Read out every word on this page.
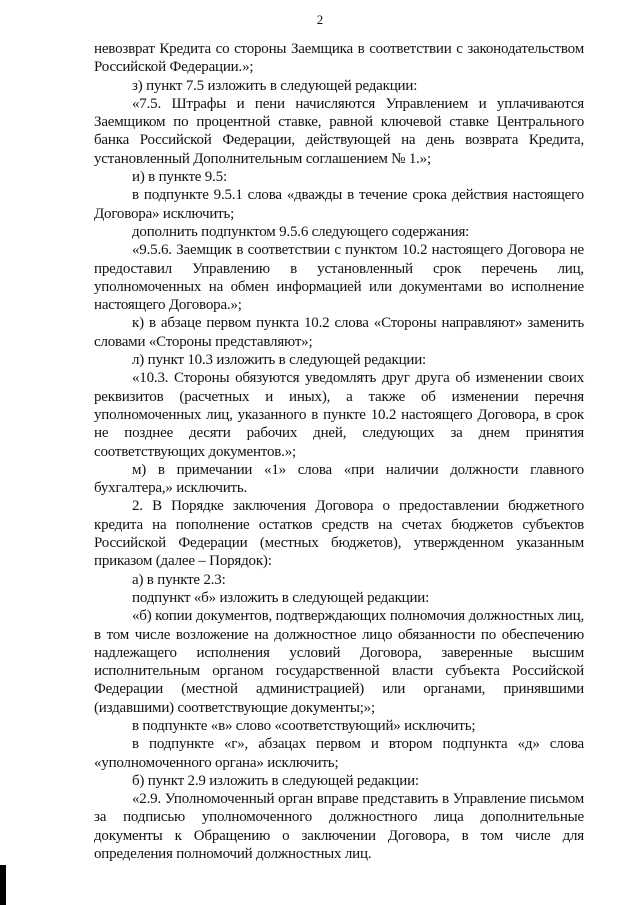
2

невозврат Кредита со стороны Заемщика в соответствии с законодательством Российской Федерации.»;

з) пункт 7.5 изложить в следующей редакции:

«7.5. Штрафы и пени начисляются Управлением и уплачиваются Заемщиком по процентной ставке, равной ключевой ставке Центрального банка Российской Федерации, действующей на день возврата Кредита, установленный Дополнительным соглашением № 1.»;

и) в пункте 9.5:

в подпункте 9.5.1 слова «дважды в течение срока действия настоящего Договора» исключить;

дополнить подпунктом 9.5.6 следующего содержания:

«9.5.6. Заемщик в соответствии с пунктом 10.2 настоящего Договора не предоставил Управлению в установленный срок перечень лиц, уполномоченных на обмен информацией или документами во исполнение настоящего Договора.»;

к) в абзаце первом пункта 10.2 слова «Стороны направляют» заменить словами «Стороны представляют»;

л) пункт 10.3 изложить в следующей редакции:

«10.3. Стороны обязуются уведомлять друг друга об изменении своих реквизитов (расчетных и иных), а также об изменении перечня уполномоченных лиц, указанного в пункте 10.2 настоящего Договора, в срок не позднее десяти рабочих дней, следующих за днем принятия соответствующих документов.»;

м) в примечании «1» слова «при наличии должности главного бухгалтера,» исключить.

2. В Порядке заключения Договора о предоставлении бюджетного кредита на пополнение остатков средств на счетах бюджетов субъектов Российской Федерации (местных бюджетов), утвержденном указанным приказом (далее – Порядок):

а) в пункте 2.3:

подпункт «б» изложить в следующей редакции:

«б) копии документов, подтверждающих полномочия должностных лиц, в том числе возложение на должностное лицо обязанности по обеспечению надлежащего исполнения условий Договора, заверенные высшим исполнительным органом государственной власти субъекта Российской Федерации (местной администрацией) или органами, принявшими (издавшими) соответствующие документы;»;

в подпункте «в» слово «соответствующий» исключить;

в подпункте «г», абзацах первом и втором подпункта «д» слова «уполномоченного органа» исключить;

б) пункт 2.9 изложить в следующей редакции:

«2.9. Уполномоченный орган вправе представить в Управление письмом за подписью уполномоченного должностного лица дополнительные документы к Обращению о заключении Договора, в том числе для определения полномочий должностных лиц.
